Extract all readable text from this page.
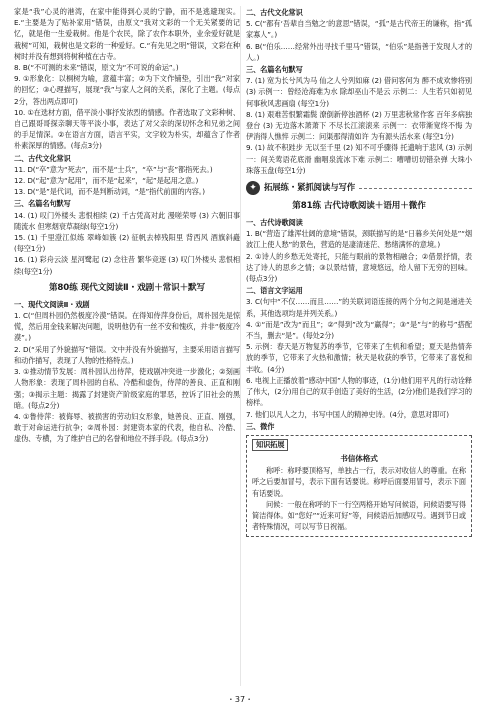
家是“我”心灵的港湾，在家中能得到心灵的宁静，而不是逃避现实。E.“主要是为了贴补家用”错误，由原文“我对文彩的一个无关紧要的记忆，就是他一生爱栽树。他是个农民，除了农作本职外，业余爱好就是栽树”可知，栽树也是文彩的一种爱好。C.“有先见之明”错误，文彩在种树时并没有想到将树种植在古寺。
8. B(“不可测的未来”错误，原文为“不可说的命运”。)
9. ①形象化：以桐树为喻，意蕴丰富；②为下文作铺垫，引出“我”对家的回忆；③心理描写，展现“我”与家人之间的关系，深化了主题。(每点2分，答出两点即可)
10. ①在选材方面，借平淡小事抒发浓烈的情感。作者选取了文彩种树、自己跟哥哥探亲聊天等平淡小事，表达了对父亲的深切怀念和兄弟之间的手足情深。②在语言方面，语言平实，文字较为朴实，却蕴含了作者朴素深厚的情感。(每点3分)
二、古代文化常识
11. D(“卒”意为“死去”，而不是“士兵”，“卒”与“丧”都指死去。)
12. D(“起”意为“起用”，而不是“起来”，“起”是起用之意。)
13. D(“是”是代词，而不是判断动词，“是”指代前面的内容。)
三、名篇名句默写
14. (1) 叹门外楼头 悲恨相续 (2) 千古凭高对此 漫嗟荣辱 (3) 六朝旧事随流水 但寒烟衰草凝绿(每空1分)
15. (1) 千里澄江似练 翠峰如簇 (2) 征帆去棹残阳里 背西风 酒旗斜矗(每空1分)
16. (1) 彩舟云淡 星河鹭起 (2) 念往昔 繁华竞逐 (3) 叹门外楼头 悲恨相续(每空1分)
第80练 现代文阅读Ⅱ・戏剧＋常识＋默写
一、现代文阅读Ⅱ・戏剧
1. C(“但周朴园仍然极度冷漠”错误。在得知侍萍身份后，周朴园先是惊慌，然后用金钱来解决问题，说明他仍有一丝不安和愧疚，并非“极度冷漠”。)
2. D(“采用了外貌描写”错误。文中并没有外貌描写，主要采用语言描写和动作描写，表现了人物的性格特点。)
3. ①推动情节发展：周朴园认出侍萍，使戏剧冲突进一步激化；②刻画人物形象：表现了周朴园的自私、冷酷和虚伪，侍萍的善良、正直和刚强；③揭示主题：揭露了封建资产阶级家庭的罪恶，控诉了旧社会的黑暗。(每点2分)
4. ①鲁侍萍：被侮辱、被损害的劳动妇女形象，她善良、正直、刚强，敢于对命运进行抗争；②周朴园：封建资本家的代表，他自私、冷酷、虚伪、专横，为了维护自己的名誉和地位不择手段。(每点3分)
二、古代文化常识
5. C(“都有‘吾辈自当勉之’的意思”错误，“孤”是古代帝王的谦称，指“孤家寡人”。)
6. B(“伯乐……经常外出寻找千里马”错误，“伯乐”是指善于发现人才的人。)
三、名篇名句默写
7. (1) 宽为长兮风为马 仙之人兮列如麻 (2) 借问客何为 醉不成欢惨将别 (3) 示例一：曾经沧海难为水 除却巫山不是云 示例二：人生若只如初见 何事秋风悲画扇 (每空1分)
8. (1) 艰难苦恨繁霜鬓 潦倒新停浊酒杯 (2) 万里悲秋常作客 百年多病独登台 (3) 无边落木萧萧下 不尽长江滚滚来 示例一：衣带渐宽终不悔 为伊消得人憔悴 示例二：问渠那得清如许 为有源头活水来 (每空1分)
9. (1) 故不积跬步 无以至千里 (2) 知不可乎骤得 托遗响于悲风 (3) 示例一：间关莺语花底滑 幽咽泉流冰下难 示例二：嘈嘈切切错杂弹 大珠小珠落玉盘(每空1分)
✦ 拓展练・紧抓阅读与写作
第81练 古代诗歌阅读＋语用＋微作
一、古代诗歌阅读
1. B(“营造了雄浑壮阔的意境”错误，颈联描写的是“日暮乡关何处是”“烟波江上使人愁”的景色，营造的是凄清迷茫、愁绪满怀的意境。)
2. ①诗人的乡愁无处寄托，只能与眼前的景物相融合；②借景抒情，表达了诗人的思乡之情；③以景结情，意境悠远，给人留下无穷的回味。(每点3分)
二、语言文字运用
3. C(句中“不仅……而且……”的关联词语连接的两个分句之间是递进关系，其他选项均是并列关系。)
4. ①“而是”改为“而且”；②“得到”改为“赢得”；③“是”与“的称号”搭配不当，删去“是”。(每处2分)
5. 示例：春天是万物复苏的季节，它带来了生机和希望；夏天是热情奔放的季节，它带来了火热和激情；秋天是收获的季节，它带来了喜悦和丰收。(4分)
6. 电视上正播放着“感动中国”人物的事迹，(1分)他们用平凡的行动诠释了伟大，(2分)用自己的双手创造了美好的生活，(2分)他们是我们学习的榜样。
7. 他们以凡人之力，书写中国人的精神史诗。(4分，意思对即可)
三、微作
知识拓展
书信体格式
称呼：称呼要顶格写，单独占一行，表示对收信人的尊重。在称呼之后要加冒号，表示下面有话要说。称呼后面要用冒号，表示下面有话要说。
问候：一般在称呼的下一行空两格开始写问候语，问候语要写得简洁得体。如“您好”“近来可好”等，问候语后加感叹号。遇到节日或者特殊情况，可以写节日祝福。
・37・
